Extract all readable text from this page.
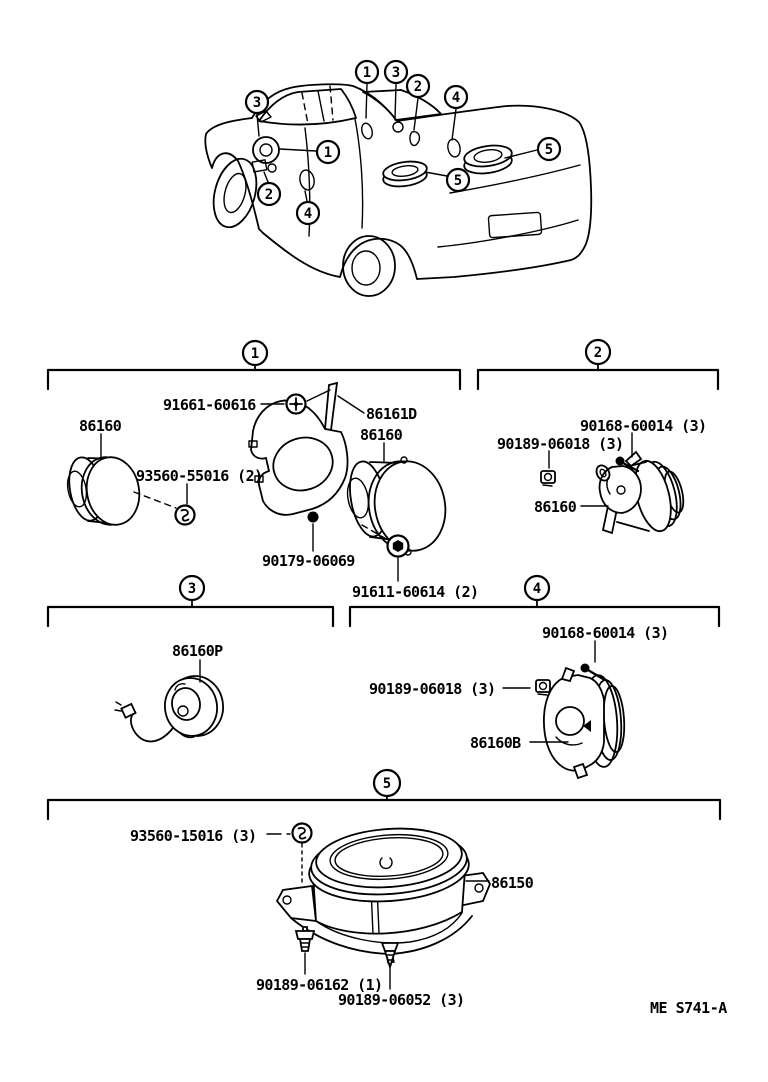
3
1 3
2
4
5
1
2
4
5
1
91661-60616	86161D
86160	86160
93560-55016 (2)
90179-06069
91611-60614 (2)
2
90168-60014 (3)
90189-06018 (3)
86160
3
86160P
4
90168-60014 (3)
90189-06018 (3)
86160B
5
93560-15016 (3)
86150
90189-06162 (1)
90189-06052 (3)	ME S741-A
